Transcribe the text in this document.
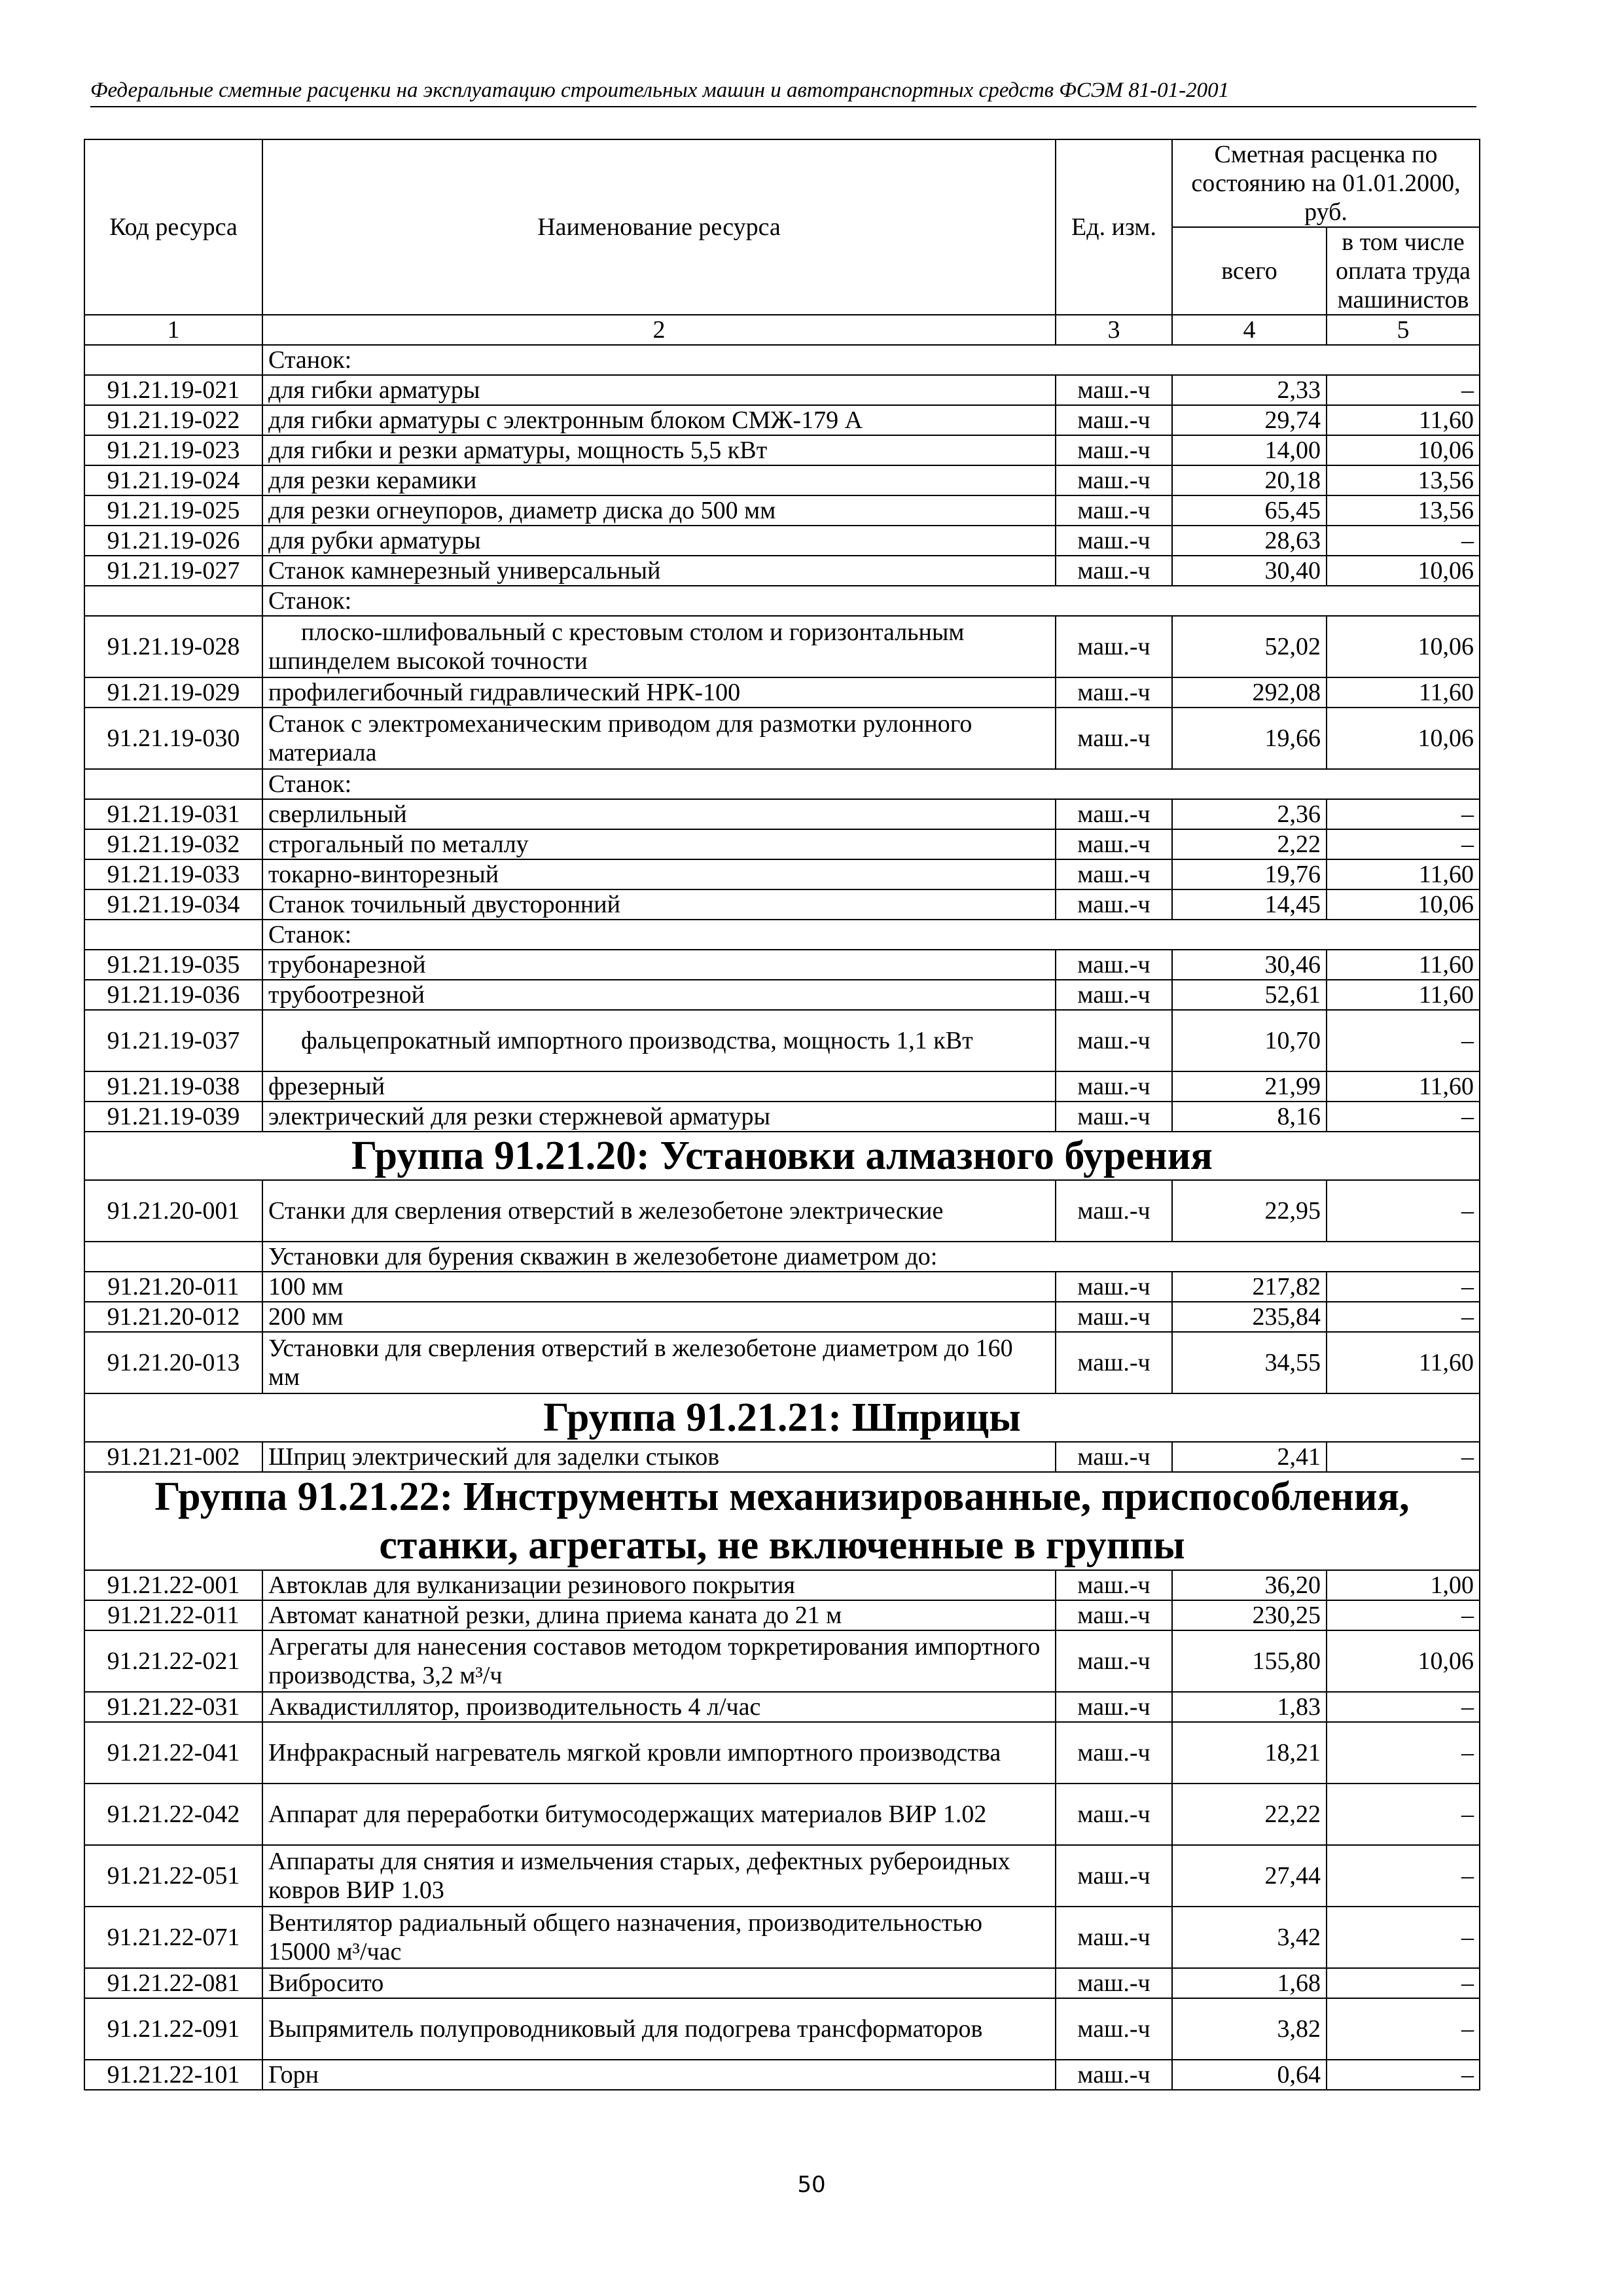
Федеральные сметные расценки на эксплуатацию строительных машин и автотранспортных средств ФСЭМ 81-01-2001
Код ресурса	Наименование ресурса	Ед. изм.	Сметная расценка по состоянию на 01.01.2000, руб.	
			всего	в том числе оплата труда машинистов
1	2	3	4	5
	Станок:			
91.21.19-021	для гибки арматуры	маш.-ч	2,33	–
91.21.19-022	для гибки арматуры с электронным блоком СМЖ-179 А	маш.-ч	29,74	11,60
91.21.19-023	для гибки и резки арматуры, мощность 5,5 кВт	маш.-ч	14,00	10,06
91.21.19-024	для резки керамики	маш.-ч	20,18	13,56
91.21.19-025	для резки огнеупоров, диаметр диска до 500 мм	маш.-ч	65,45	13,56
91.21.19-026	для рубки арматуры	маш.-ч	28,63	–
91.21.19-027	Станок камнерезный универсальный	маш.-ч	30,40	10,06
	Станок:			
91.21.19-028	плоско-шлифовальный с крестовым столом и горизонтальным шпинделем высокой точности	маш.-ч	52,02	10,06
91.21.19-029	профилегибочный гидравлический НРК-100	маш.-ч	292,08	11,60
91.21.19-030	Станок с электромеханическим приводом для размотки рулонного материала	маш.-ч	19,66	10,06
	Станок:			
91.21.19-031	сверлильный	маш.-ч	2,36	–
91.21.19-032	строгальный по металлу	маш.-ч	2,22	–
91.21.19-033	токарно-винторезный	маш.-ч	19,76	11,60
91.21.19-034	Станок точильный двусторонний	маш.-ч	14,45	10,06
	Станок:			
91.21.19-035	трубонарезной	маш.-ч	30,46	11,60
91.21.19-036	трубоотрезной	маш.-ч	52,61	11,60
91.21.19-037	фальцепрокатный импортного производства, мощность 1,1 кВт	маш.-ч	10,70	–
91.21.19-038	фрезерный	маш.-ч	21,99	11,60
91.21.19-039	электрический для резки стержневой арматуры	маш.-ч	8,16	–
Группа 91.21.20: Установки алмазного бурения				
91.21.20-001	Станки для сверления отверстий в железобетоне электрические	маш.-ч	22,95	–
	Установки для бурения скважин в железобетоне диаметром до:			
91.21.20-011	100 мм	маш.-ч	217,82	–
91.21.20-012	200 мм	маш.-ч	235,84	–
91.21.20-013	Установки для сверления отверстий в железобетоне диаметром до 160 мм	маш.-ч	34,55	11,60
Группа 91.21.21: Шприцы				
91.21.21-002	Шприц электрический для заделки стыков	маш.-ч	2,41	–
Группа 91.21.22: Инструменты механизированные, приспособления, станки, агрегаты, не включенные в группы				
91.21.22-001	Автоклав для вулканизации резинового покрытия	маш.-ч	36,20	1,00
91.21.22-011	Автомат канатной резки, длина приема каната до 21 м	маш.-ч	230,25	–
91.21.22-021	Агрегаты для нанесения составов методом торкретирования импортного производства, 3,2 м³/ч	маш.-ч	155,80	10,06
91.21.22-031	Аквадистиллятор, производительность 4 л/час	маш.-ч	1,83	–
91.21.22-041	Инфракрасный нагреватель мягкой кровли импортного производства	маш.-ч	18,21	–
91.21.22-042	Аппарат для переработки битумосодержащих материалов ВИР 1.02	маш.-ч	22,22	–
91.21.22-051	Аппараты для снятия и измельчения старых, дефектных рубероидных ковров ВИР 1.03	маш.-ч	27,44	–
91.21.22-071	Вентилятор радиальный общего назначения, производительностью 15000 м³/час	маш.-ч	3,42	–
91.21.22-081	Вибросито	маш.-ч	1,68	–
91.21.22-091	Выпрямитель полупроводниковый для подогрева трансформаторов	маш.-ч	3,82	–
91.21.22-101	Горн	маш.-ч	0,64	–
50
